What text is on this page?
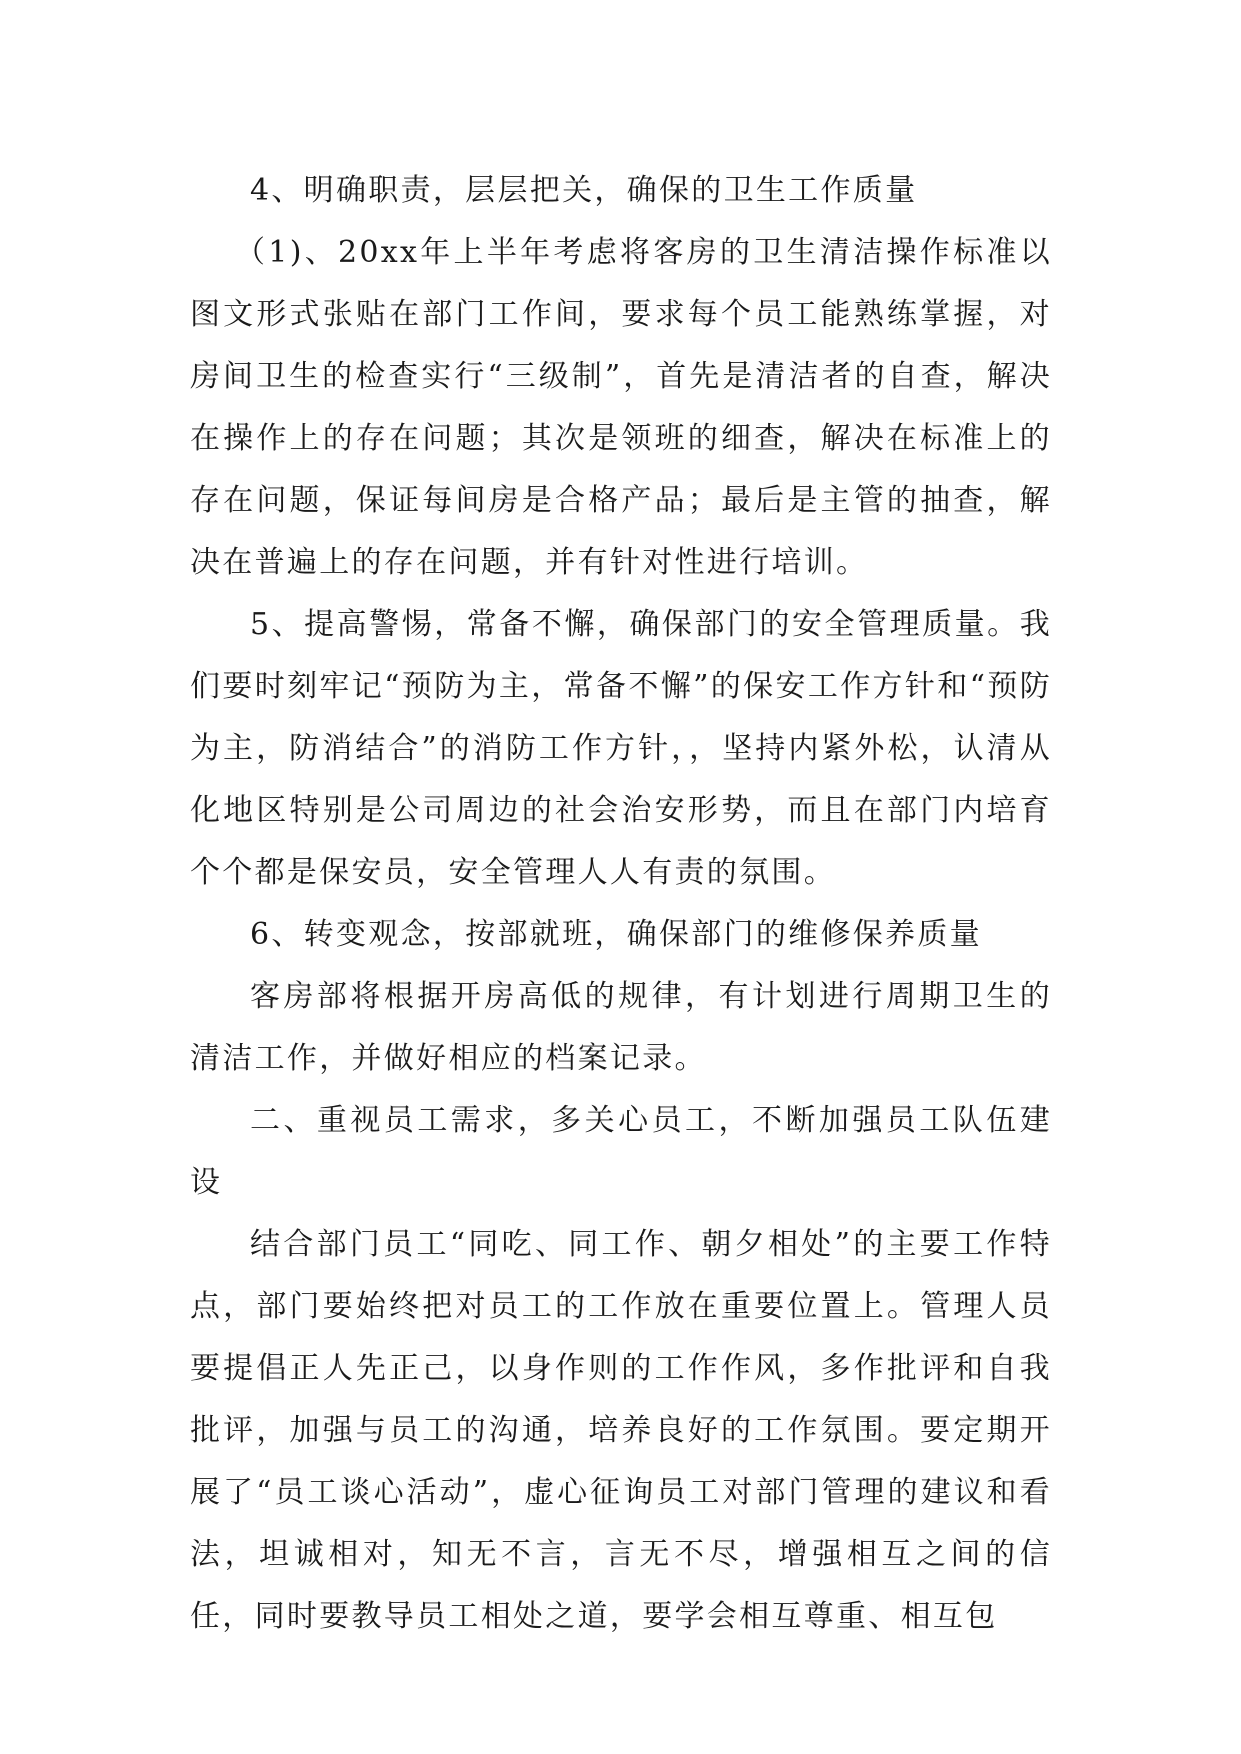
4、明确职责，层层把关，确保的卫生工作质量

（1)、20xx年上半年考虑将客房的卫生清洁操作标准以图文形式张贴在部门工作间，要求每个员工能熟练掌握，对房间卫生的检查实行“三级制”，首先是清洁者的自查，解决在操作上的存在问题；其次是领班的细查，解决在标准上的存在问题，保证每间房是合格产品；最后是主管的抽查，解决在普遍上的存在问题，并有针对性进行培训。

5、提高警惕，常备不懈，确保部门的安全管理质量。我们要时刻牢记“预防为主，常备不懈”的保安工作方针和“预防为主，防消结合”的消防工作方针，，坚持内紧外松，认清从化地区特别是公司周边的社会治安形势，而且在部门内培育个个都是保安员，安全管理人人有责的氛围。

6、转变观念，按部就班，确保部门的维修保养质量

客房部将根据开房高低的规律，有计划进行周期卫生的清洁工作，并做好相应的档案记录。

二、重视员工需求，多关心员工，不断加强员工队伍建设

结合部门员工“同吃、同工作、朝夕相处”的主要工作特点，部门要始终把对员工的工作放在重要位置上。管理人员要提倡正人先正己，以身作则的工作作风，多作批评和自我批评，加强与员工的沟通，培养良好的工作氛围。要定期开展了“员工谈心活动”，虚心征询员工对部门管理的建议和看法，坦诚相对，知无不言，言无不尽，增强相互之间的信任，同时要教导员工相处之道，要学会相互尊重、相互包
